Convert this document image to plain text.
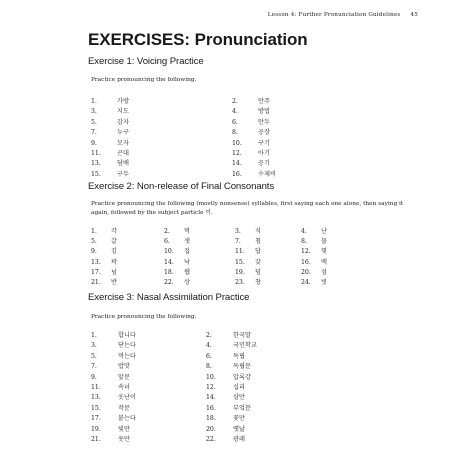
Lesson 4: Further Pronunciation Guidelines 45
EXERCISES: Pronunciation
Exercise 1: Voicing Practice

Practice pronouncing the following.

1.	가방	2.	만주
3.	지도	4.	방법
5.	감자	6.	만두
7.	누구	8.	공장
9.	모자	10.	구기
11.	곤대	12.	아기
13.	담배	14.	공기
15.	구두	16.	수제비
Exercise 2: Non-release of Final Consonants

Practice pronouncing the following (mostly nonsense) syllables, first saying each one alone, then saying it again, followed by the subject particle 이.

1. 각	2. 먹	3. 식	4. 난
5. 갈	6. 샛	7. 첨	8. 물
9. 김	10. 집	11. 답	12. 몇
13. 곽	14. 낙	15. 갖	16. 맥
17. 넘	18. 웹	19. 덤	20. 섬
21. 반	22. 상	23. 창	24. 빗
Exercise 3: Nasal Assimilation Practice

Practice pronouncing the following.

1.	합니다	2.	한국말
3.	닫는다	4.	국민학교
5.	먹는다	6.	독립
7.	밥맛	8.	독립문
9.	앞문	10.	압록강
11.	속녀	12.	십리
13.	옷난이	14.	삼만
15.	작문	16.	부엌문
17.	붙는다	18.	꽃만
19.	빛만	20.	옛날
21.	웃만	22.	광래
